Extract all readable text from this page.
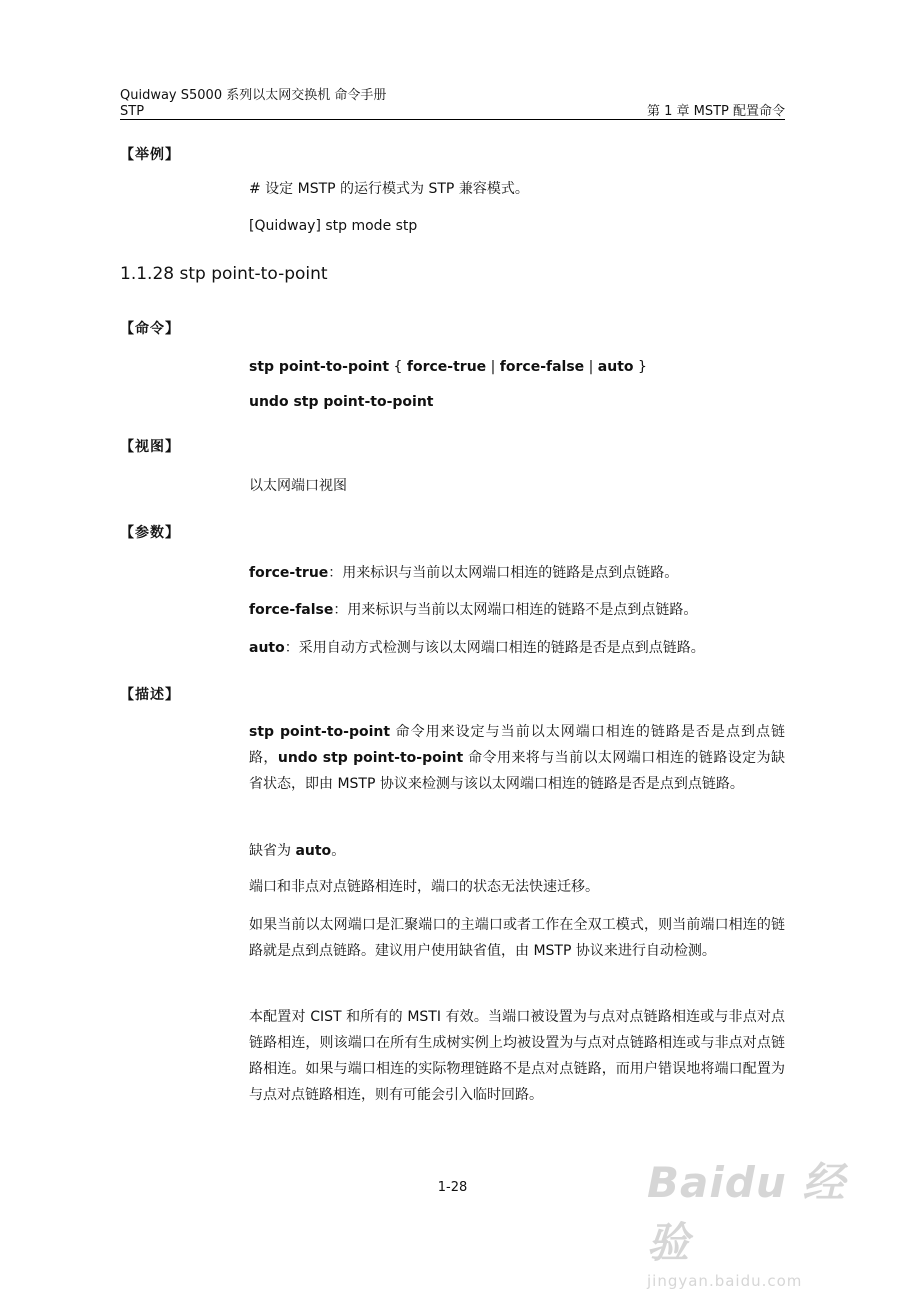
Quidway S5000 系列以太网交换机 命令手册
STP	第 1 章 MSTP 配置命令
【举例】
# 设定 MSTP 的运行模式为 STP 兼容模式。
[Quidway] stp mode stp
1.1.28 stp point-to-point
【命令】
stp point-to-point { force-true | force-false | auto }
undo stp point-to-point
【视图】
以太网端口视图
【参数】
force-true：用来标识与当前以太网端口相连的链路是点到点链路。
force-false：用来标识与当前以太网端口相连的链路不是点到点链路。
auto：采用自动方式检测与该以太网端口相连的链路是否是点到点链路。
【描述】
stp point-to-point 命令用来设定与当前以太网端口相连的链路是否是点到点链路，undo stp point-to-point 命令用来将与当前以太网端口相连的链路设定为缺省状态，即由 MSTP 协议来检测与该以太网端口相连的链路是否是点到点链路。
缺省为 auto。
端口和非点对点链路相连时，端口的状态无法快速迁移。
如果当前以太网端口是汇聚端口的主端口或者工作在全双工模式，则当前端口相连的链路就是点到点链路。建议用户使用缺省值，由 MSTP 协议来进行自动检测。
本配置对 CIST 和所有的 MSTI 有效。当端口被设置为与点对点链路相连或与非点对点链路相连，则该端口在所有生成树实例上均被设置为与点对点链路相连或与非点对点链路相连。如果与端口相连的实际物理链路不是点对点链路，而用户错误地将端口配置为与点对点链路相连，则有可能会引入临时回路。
1-28	Baidu 经验
jingyan.baidu.com
